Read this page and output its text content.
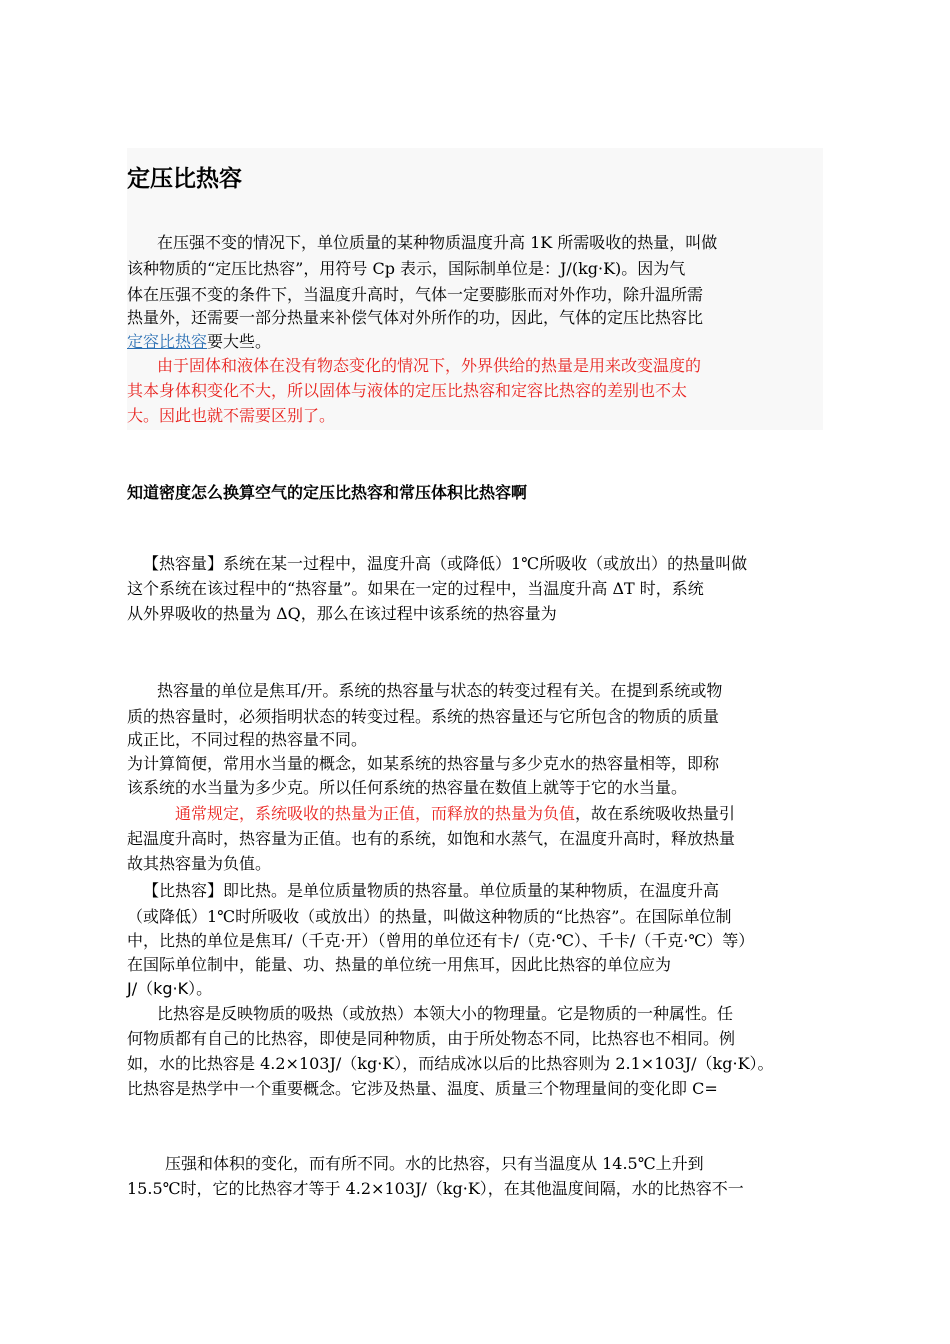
定压比热容
在压强不变的情况下，单位质量的某种物质温度升高 1K 所需吸收的热量，叫做
该种物质的“定压比热容”，用符号 Cp 表示，国际制单位是：J/(kg·K)。因为气
体在压强不变的条件下，当温度升高时，气体一定要膨胀而对外作功，除升温所需
热量外，还需要一部分热量来补偿气体对外所作的功，因此，气体的定压比热容比
定容比热容要大些。
由于固体和液体在没有物态变化的情况下，外界供给的热量是用来改变温度的
其本身体积变化不大，所以固体与液体的定压比热容和定容比热容的差别也不太
大。因此也就不需要区别了。
知道密度怎么换算空气的定压比热容和常压体积比热容啊
【热容量】系统在某一过程中，温度升高（或降低）1℃所吸收（或放出）的热量叫做
这个系统在该过程中的“热容量”。如果在一定的过程中，当温度升高 ΔT 时，系统
从外界吸收的热量为 ΔQ，那么在该过程中该系统的热容量为
热容量的单位是焦耳/开。系统的热容量与状态的转变过程有关。在提到系统或物
质的热容量时，必须指明状态的转变过程。系统的热容量还与它所包含的物质的质量
成正比，不同过程的热容量不同。
为计算简便，常用水当量的概念，如某系统的热容量与多少克水的热容量相等，即称
该系统的水当量为多少克。所以任何系统的热容量在数值上就等于它的水当量。
通常规定，系统吸收的热量为正值，而释放的热量为负值，故在系统吸收热量引
起温度升高时，热容量为正值。也有的系统，如饱和水蒸气，在温度升高时，释放热量
故其热容量为负值。
【比热容】即比热。是单位质量物质的热容量。单位质量的某种物质，在温度升高
（或降低）1℃时所吸收（或放出）的热量，叫做这种物质的“比热容”。在国际单位制
中，比热的单位是焦耳/（千克·开）（曾用的单位还有卡/（克·℃）、千卡/（千克·℃）等）
在国际单位制中，能量、功、热量的单位统一用焦耳，因此比热容的单位应为
J/（kg·K）。
比热容是反映物质的吸热（或放热）本领大小的物理量。它是物质的一种属性。任
何物质都有自己的比热容，即使是同种物质，由于所处物态不同，比热容也不相同。例
如，水的比热容是 4.2×103J/（kg·K），而结成冰以后的比热容则为 2.1×103J/（kg·K）。
比热容是热学中一个重要概念。它涉及热量、温度、质量三个物理量间的变化即 C=
压强和体积的变化，而有所不同。水的比热容，只有当温度从 14.5℃上升到
15.5℃时，它的比热容才等于 4.2×103J/（kg·K），在其他温度间隔，水的比热容不一
